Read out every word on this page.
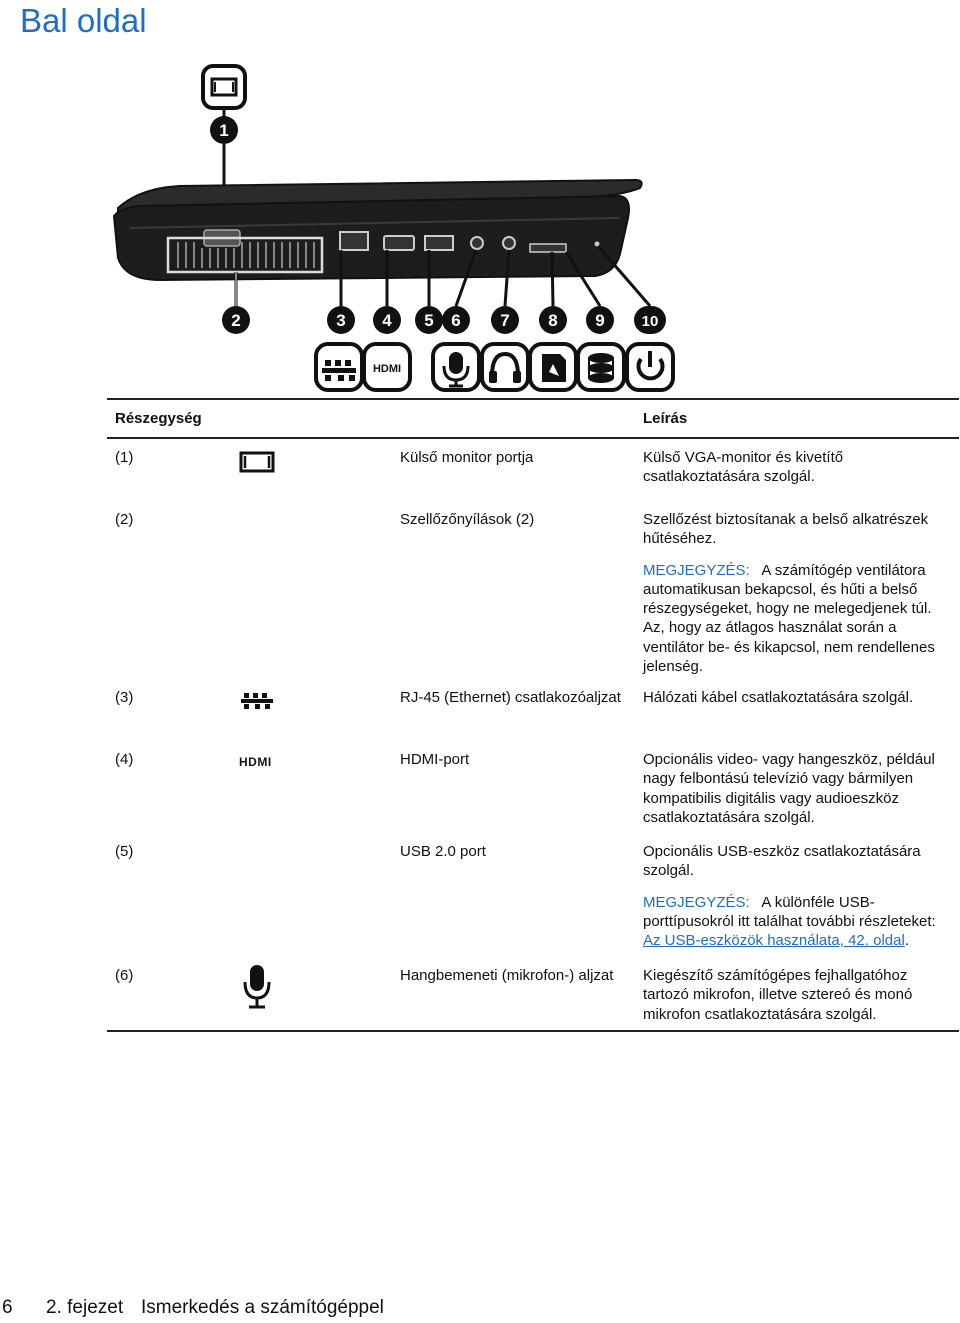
Bal oldal
1
2	3 4 5 6 7 8 9 10
HDMI
Részegység	Leírás
(1)	Külső monitor portja	Külső VGA-monitor és kivetítő csatlakoztatására szolgál.

(2)	Szellőzőnyílások (2)	Szellőzést biztosítanak a belső alkatrészek hűtéséhez.

MEGJEGYZÉS: A számítógép ventilátora automatikusan bekapcsol, és hűti a belső részegységeket, hogy ne melegedjenek túl. Az, hogy az átlagos használat során a ventilátor be- és kikapcsol, nem rendellenes jelenség.

(3)	RJ-45 (Ethernet) csatlakozóaljzat	Hálózati kábel csatlakoztatására szolgál.

(4)	HDMI	HDMI-port	Opcionális video- vagy hangeszköz, például nagy felbontású televízió vagy bármilyen kompatibilis digitális vagy audioeszköz csatlakoztatására szolgál.

(5)	USB 2.0 port	Opcionális USB-eszköz csatlakoztatására szolgál.

MEGJEGYZÉS: A különféle USB-porttípusokról itt találhat további részleteket: Az USB-eszközök használata, 42. oldal.

(6)	Hangbemeneti (mikrofon-) aljzat	Kiegészítő számítógépes fejhallgatóhoz tartozó mikrofon, illetve sztereó és monó mikrofon csatlakoztatására szolgál.

6 2. fejezet Ismerkedés a számítógéppel
